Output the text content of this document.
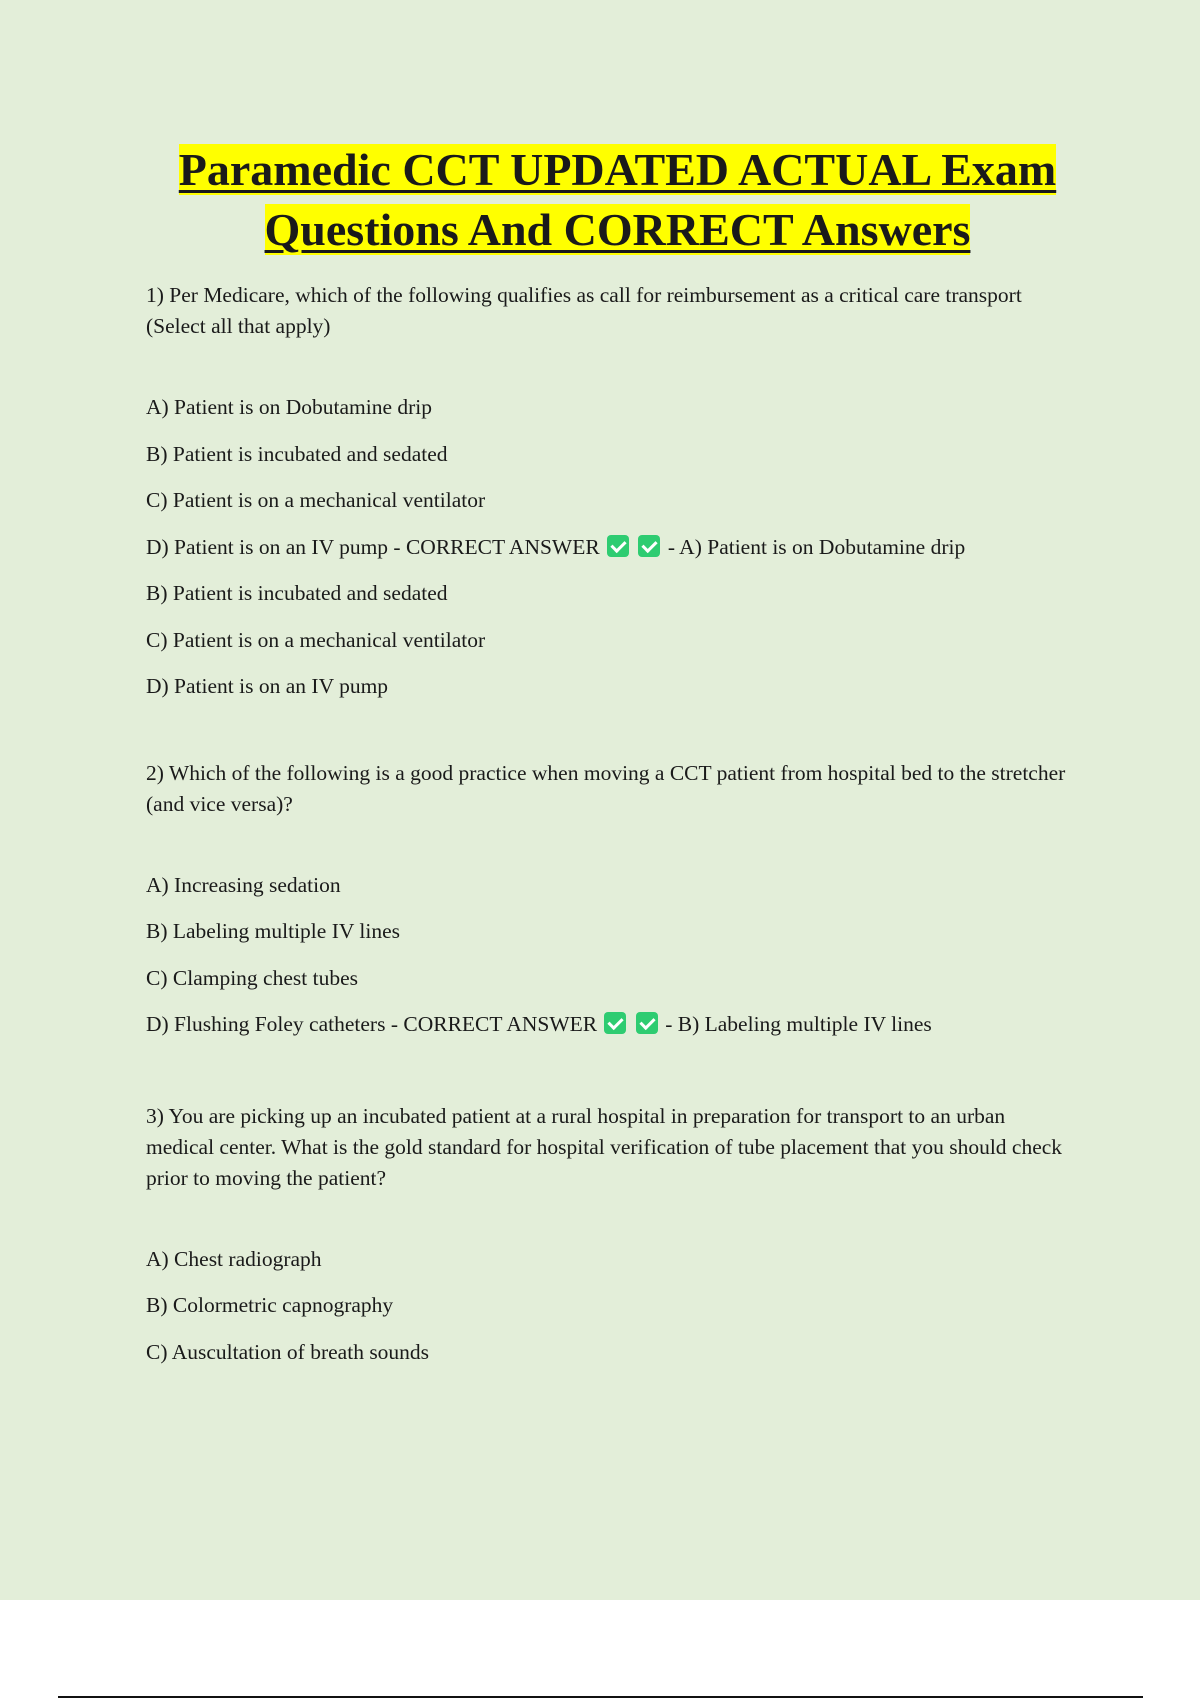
Paramedic CCT UPDATED ACTUAL Exam

Questions And CORRECT Answers

1) Per Medicare, which of the following qualifies as call for reimbursement as a critical care transport (Select all that apply)

A) Patient is on Dobutamine drip
B) Patient is incubated and sedated
C) Patient is on a mechanical ventilator
D) Patient is on an IV pump - CORRECT ANSWER	- A) Patient is on Dobutamine drip
B) Patient is incubated and sedated
C) Patient is on a mechanical ventilator
D) Patient is on an IV pump

2) Which of the following is a good practice when moving a CCT patient from hospital bed to the stretcher (and vice versa)?

A) Increasing sedation
B) Labeling multiple IV lines
C) Clamping chest tubes
D) Flushing Foley catheters - CORRECT ANSWER	- B) Labeling multiple IV lines

3) You are picking up an incubated patient at a rural hospital in preparation for transport to an urban medical center. What is the gold standard for hospital verification of tube placement that you should check prior to moving the patient?

A) Chest radiograph
B) Colormetric capnography
C) Auscultation of breath sounds
